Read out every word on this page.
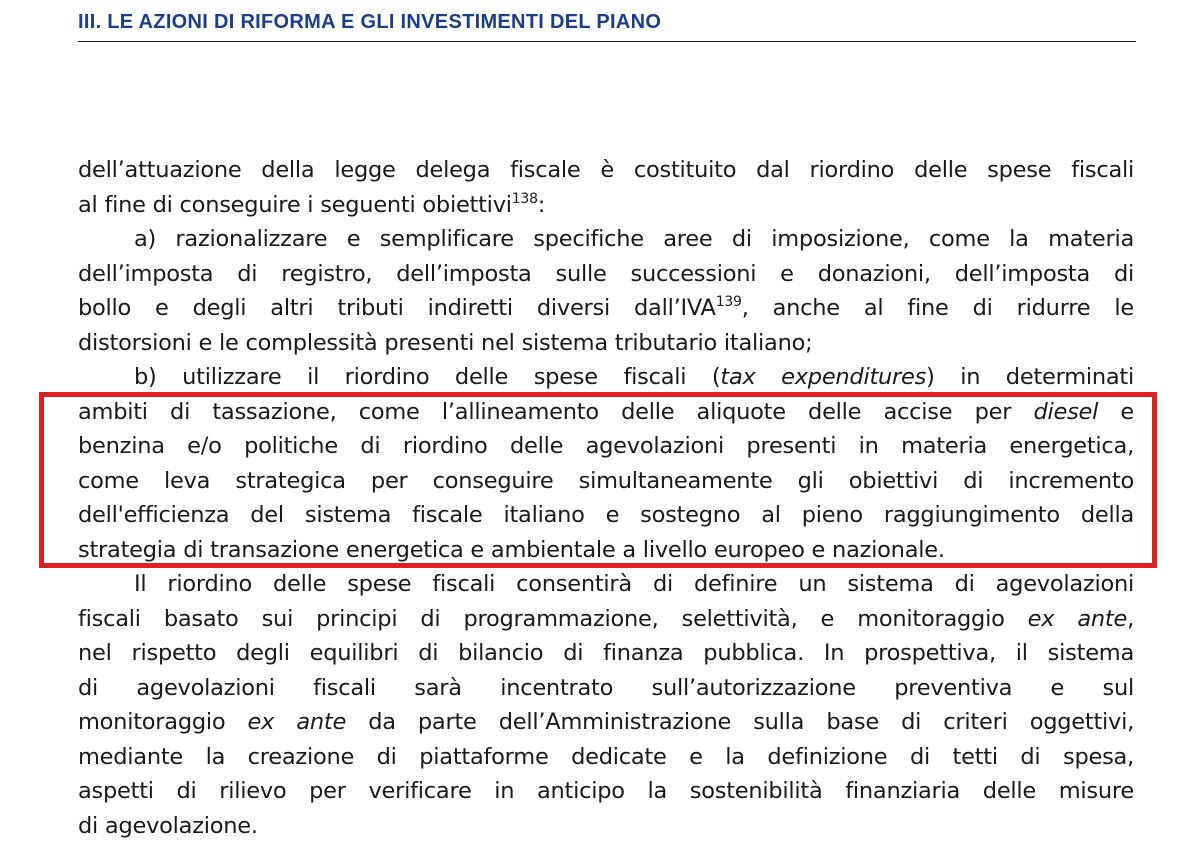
III. LE AZIONI DI RIFORMA E GLI INVESTIMENTI DEL PIANO

dell’attuazione della legge delega fiscale è costituito dal riordino delle spese fiscali
al fine di conseguire i seguenti obiettivi$^{138}$:

a) razionalizzare e semplificare specifiche aree di imposizione, come la materia
dell’imposta di registro, dell’imposta sulle successioni e donazioni, dell’imposta di
bollo e degli altri tributi indiretti diversi dall’IVA$^{139}$, anche al fine di ridurre le
distorsioni e le complessità presenti nel sistema tributario italiano;

b) utilizzare il riordino delle spese fiscali (tax expenditures) in determinati
ambiti di tassazione, come l’allineamento delle aliquote delle accise per diesel e
benzina e/o politiche di riordino delle agevolazioni presenti in materia energetica,
come leva strategica per conseguire simultaneamente gli obiettivi di incremento
dell'efficienza del sistema fiscale italiano e sostegno al pieno raggiungimento della
strategia di transazione energetica e ambientale a livello europeo e nazionale.

Il riordino delle spese fiscali consentirà di definire un sistema di agevolazioni
fiscali basato sui principi di programmazione, selettività, e monitoraggio ex ante,
nel rispetto degli equilibri di bilancio di finanza pubblica. In prospettiva, il sistema
di agevolazioni fiscali sarà incentrato sull’autorizzazione preventiva e sul
monitoraggio ex ante da parte dell’Amministrazione sulla base di criteri oggettivi,
mediante la creazione di piattaforme dedicate e la definizione di tetti di spesa,
aspetti di rilievo per verificare in anticipo la sostenibilità finanziaria delle misure
di agevolazione.
